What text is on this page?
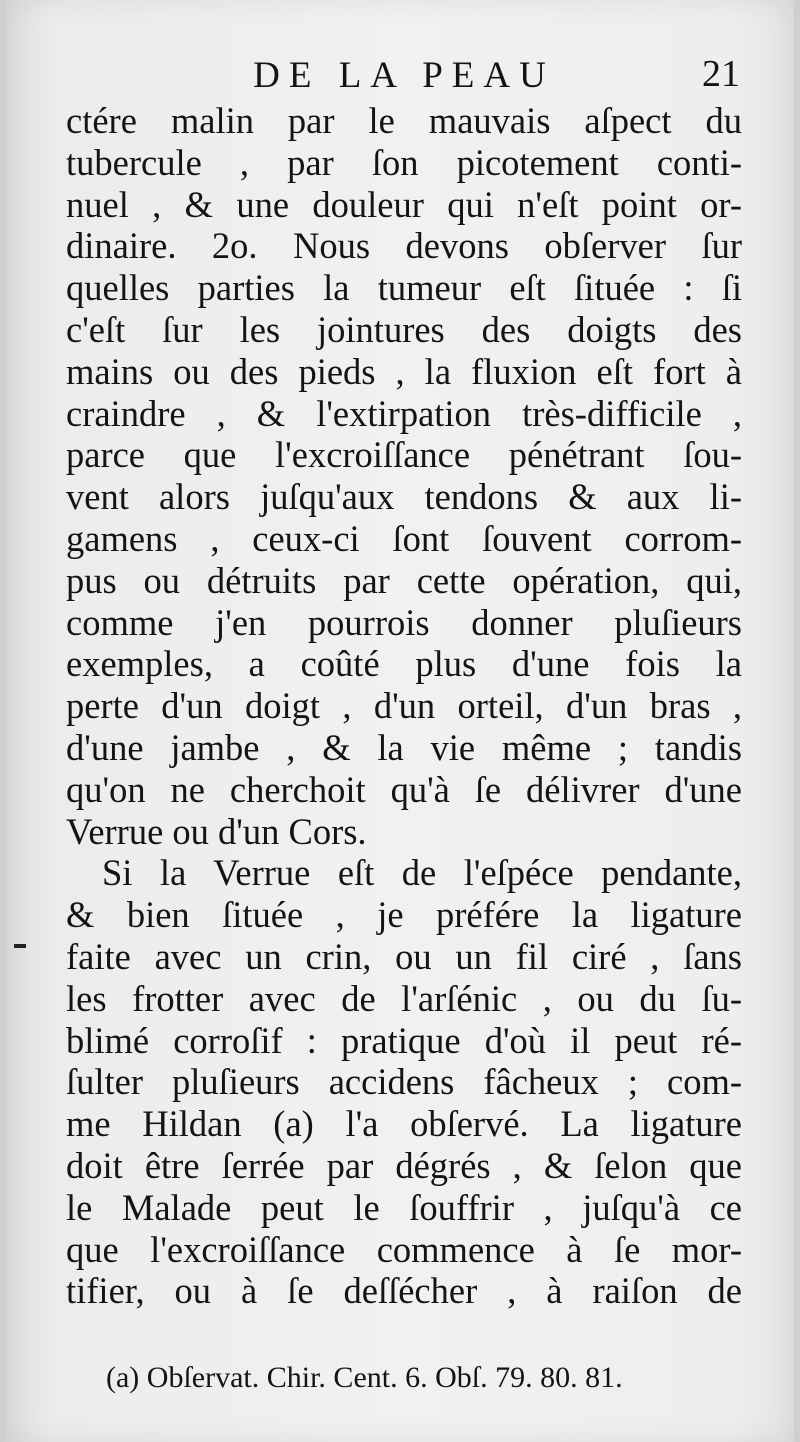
DE LA PEAU	21
ctére malin par le mauvais aſpect du
tubercule , par ſon picotement conti-
nuel , & une douleur qui n'eſt point or-
dinaire. 2o. Nous devons obſerver ſur
quelles parties la tumeur eſt ſituée : ſi
c'eſt ſur les jointures des doigts des
mains ou des pieds , la fluxion eſt fort à
craindre , & l'extirpation très-difficile ,
parce que l'excroiſſance pénétrant ſou-
vent alors juſqu'aux tendons & aux li-
gamens , ceux-ci ſont ſouvent corrom-
pus ou détruits par cette opération, qui,
comme j'en pourrois donner pluſieurs
exemples, a coûté plus d'une fois la
perte d'un doigt , d'un orteil, d'un bras ,
d'une jambe , & la vie même ; tandis
qu'on ne cherchoit qu'à ſe délivrer d'une
Verrue ou d'un Cors.
Si la Verrue eſt de l'eſpéce pendante,
& bien ſituée , je préfére la ligature
faite avec un crin, ou un fil ciré , ſans
les frotter avec de l'arſénic , ou du ſu-
blimé corroſif : pratique d'où il peut ré-
ſulter pluſieurs accidens fâcheux ; com-
me Hildan (a) l'a obſervé. La ligature
doit être ſerrée par dégrés , & ſelon que
le Malade peut le ſouffrir , juſqu'à ce
que l'excroiſſance commence à ſe mor-
tifier, ou à ſe deſſécher , à raiſon de
(a) Obſervat. Chir. Cent. 6. Obſ. 79. 80. 81.
